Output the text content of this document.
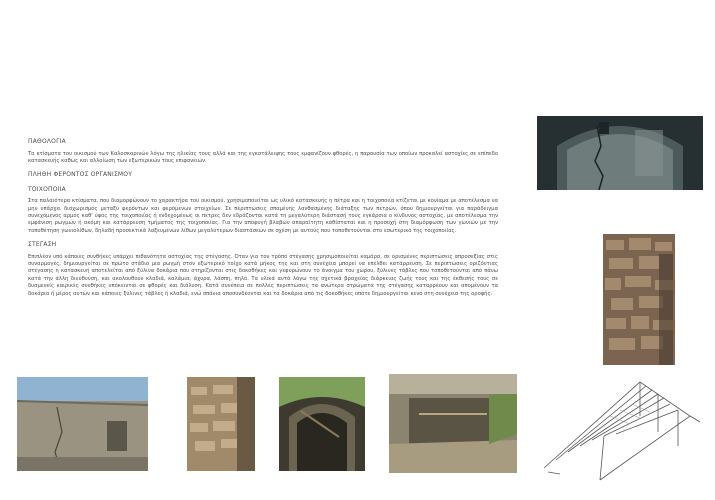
ΠΑΘΟΛΟΓΙΑ

Τα κτίσματα του οικισμού των Καλοσκαρινών λόγω της ηλικίας τους αλλά και της εγκατάλειψης τους εμφανίζουν φθορές, η παρουσία των οποίων προκαλεί αστοχίες σε επίπεδο κατασκευής καθώς και αλλοίωση των εξωτερικών τους επιφανειών.

ΠΛΗΘΗ ΦΕΡΟΝΤΟΣ ΟΡΓΑΝΙΣΜΟΥ
ΤΟΙΧΟΠΟΙΙΑ

Στα παλαιότερα κτίσματα, που διαμορφώνουν το χαρακτήρα του οικισμού, χρησιμοποιείται ως υλικό κατασκευής η πέτρα και η τοιχοποιία κτίζεται με κονίαμα με αποτέλεσμα να μην υπάρχει διαχωρισμός μεταξύ φερόντων και φερόμενων στοιχείων. Σε περιπτώσεις σπαμένης λανθασμένης διάταξης των πετρών, όπου δημιουργείται για παράδειγμα συνεχόμενος αρμός καθ' ύψος της τοιχοποιίας ή ενδεχομένως οι πέτρες δεν εδράζονται κατά τη μεγαλύτερη διάστασή τους εγκάρσια ο κίνδυνος αστοχίας, με αποτέλεσμα την εμφάνιση ρωγμών ή ακόμη και κατάρρευση τμήματος της τοιχοποιίας. Για την αποφυγή βλαβών απαραίτητη καθίσταται και η προσοχή στη διαμόρφωση των γωνιών με την τοποθέτηση γωνιολίθων, δηλαδή προσεκτικά λαξευμένων λίθων μεγαλύτερων διαστάσεων σε σχέση με αυτούς που τοποθετούνται στο εσωτερικό της τοιχοποιίας.

ΣΤΕΓΑΣΗ

Επιπλέον υπό κάποιες συνθήκες υπάρχει πιθανότητα αστοχίας της στέγασης. Όταν για τον τρόπο στέγασης χρησιμοποιείται καμάρα, σε ορισμένες περιπτώσεις απροσεξίας στις συναρμογές, δημιουργείται σε πρώτο στάδιο μια ρωγμή στον εξωτερικό τοίχο κατά μήκος της και στη συνέχεια μπορεί να επέλθει κατάρρευση. Σε περιπτώσεις οριζόντιας στέγασης η κατασκευή αποτελείται από ξύλινα δοκάρια που στηρίζονται στις δοκοθήκες και γεφυρώνουν το άνοιγμα του χώρου, ξύλινες τάβλες που τοποθετούνται από πάνω κατά την άλλη διεύθυνση, και ακολουθούν κλαδιά, καλάμια, άχυρα, λάσπη, πηλό. Τα υλικά αυτά λόγω της σχετικά βραχείας διάρκειας ζωής τους και της έκθεσής τους σε δυσμενείς καιρικές συνθήκες υπόκεινται σε φθορές και διάλυση. Κατά συνέπεια σε πολλές περιπτώσεις τα ανώτερα στρώματα της στέγασης καταρρέουν και απομένουν τα δοκάρια ή μέρος αυτών και κάποιες ξύλινες τάβλες ή κλαδιά, ενώ σπάνια αποσυνδέονται και τα δοκάρια από τις δοκοθήκες οπότε δημιουργείται κενό στη συνέχεια της οροφής.
